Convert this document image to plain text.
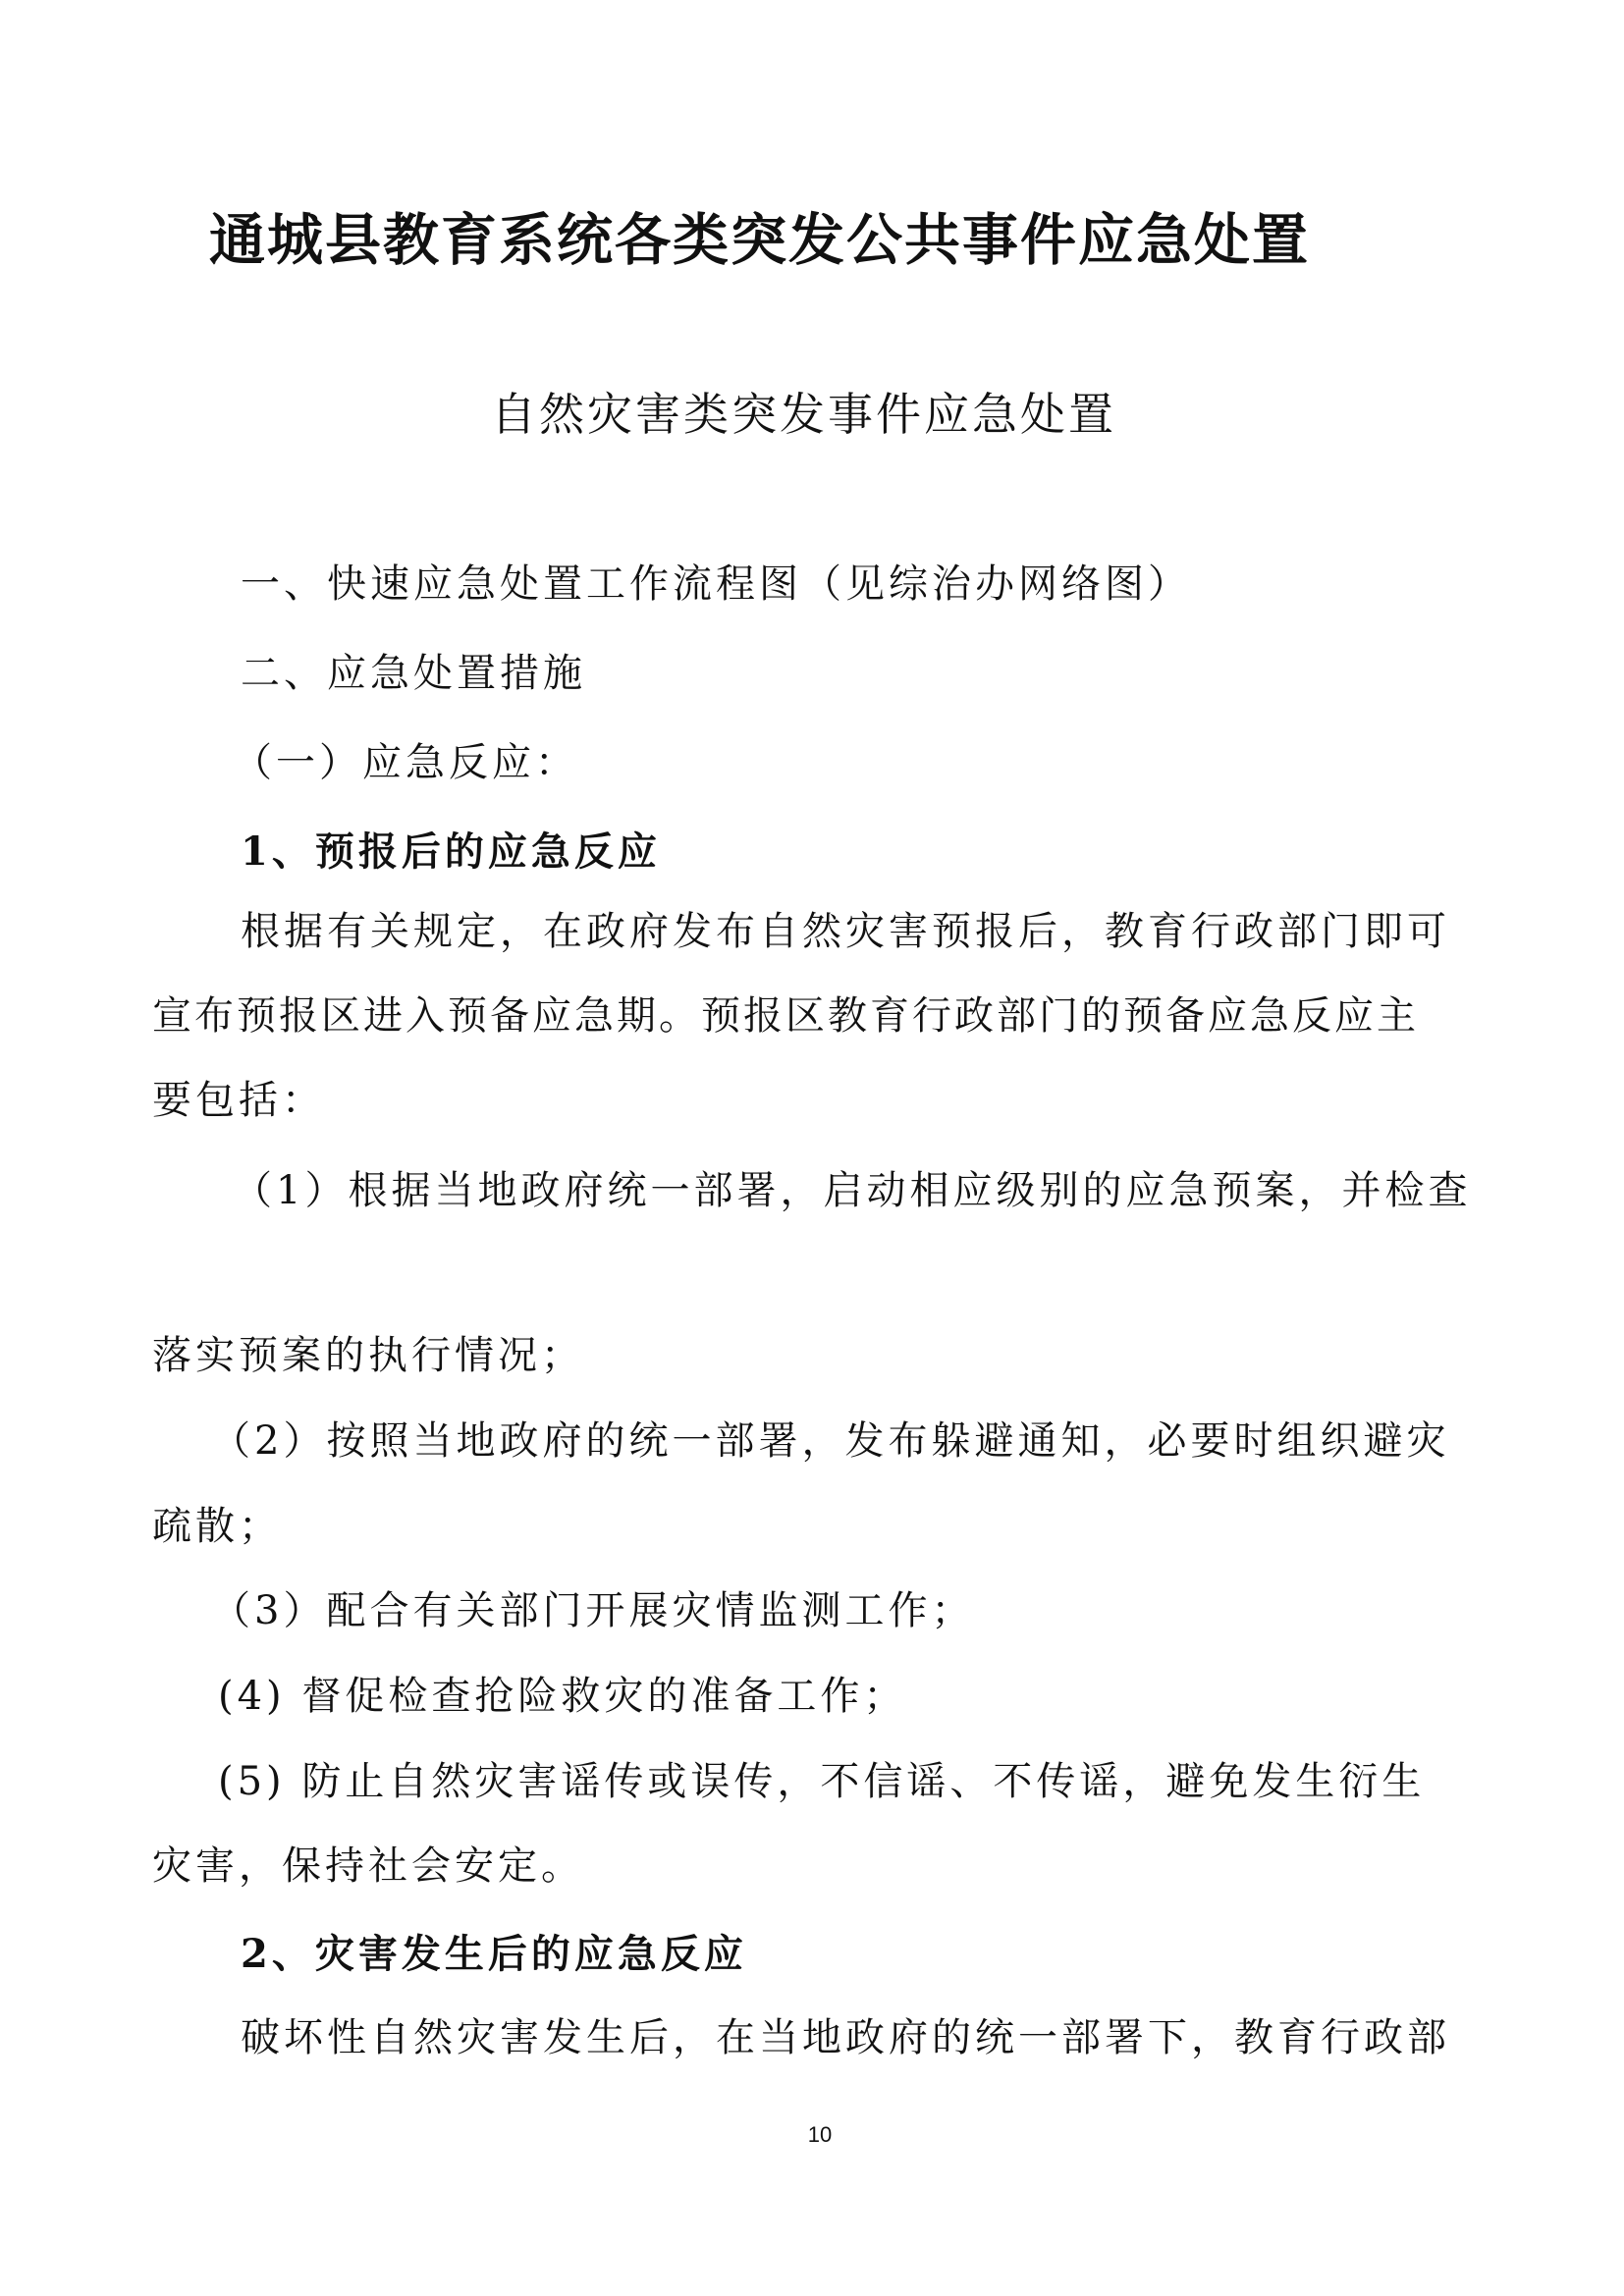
通城县教育系统各类突发公共事件应急处置
自然灾害类突发事件应急处置
一、快速应急处置工作流程图（见综治办网络图）
二、应急处置措施
（一）应急反应：
1、预报后的应急反应
根据有关规定，在政府发布自然灾害预报后，教育行政部门即可
宣布预报区进入预备应急期。预报区教育行政部门的预备应急反应主
要包括：
（1）根据当地政府统一部署，启动相应级别的应急预案，并检查
落实预案的执行情况；
（2）按照当地政府的统一部署，发布躲避通知，必要时组织避灾
疏散；
（3）配合有关部门开展灾情监测工作；
(4) 督促检查抢险救灾的准备工作；
(5) 防止自然灾害谣传或误传，不信谣、不传谣，避免发生衍生
灾害，保持社会安定。
2、灾害发生后的应急反应
破坏性自然灾害发生后，在当地政府的统一部署下，教育行政部
10
